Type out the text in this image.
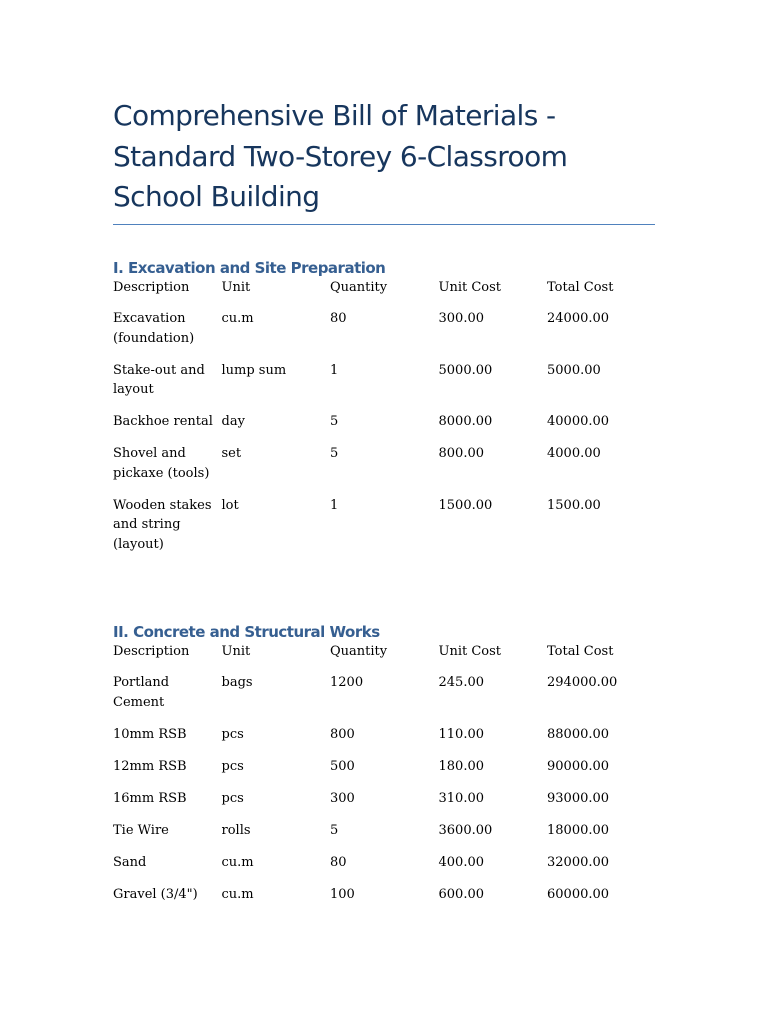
Comprehensive Bill of Materials - Standard Two-Storey 6-Classroom School Building
I. Excavation and Site Preparation
Description	Unit	Quantity	Unit Cost	Total Cost
Excavation (foundation)	cu.m	80	300.00	24000.00
Stake-out and layout	lump sum	1	5000.00	5000.00
Backhoe rental	day	5	8000.00	40000.00
Shovel and pickaxe (tools)	set	5	800.00	4000.00
Wooden stakes and string (layout)	lot	1	1500.00	1500.00
II. Concrete and Structural Works
Description	Unit	Quantity	Unit Cost	Total Cost
Portland Cement	bags	1200	245.00	294000.00
10mm RSB	pcs	800	110.00	88000.00
12mm RSB	pcs	500	180.00	90000.00
16mm RSB	pcs	300	310.00	93000.00
Tie Wire	rolls	5	3600.00	18000.00
Sand	cu.m	80	400.00	32000.00
Gravel (3/4")	cu.m	100	600.00	60000.00
